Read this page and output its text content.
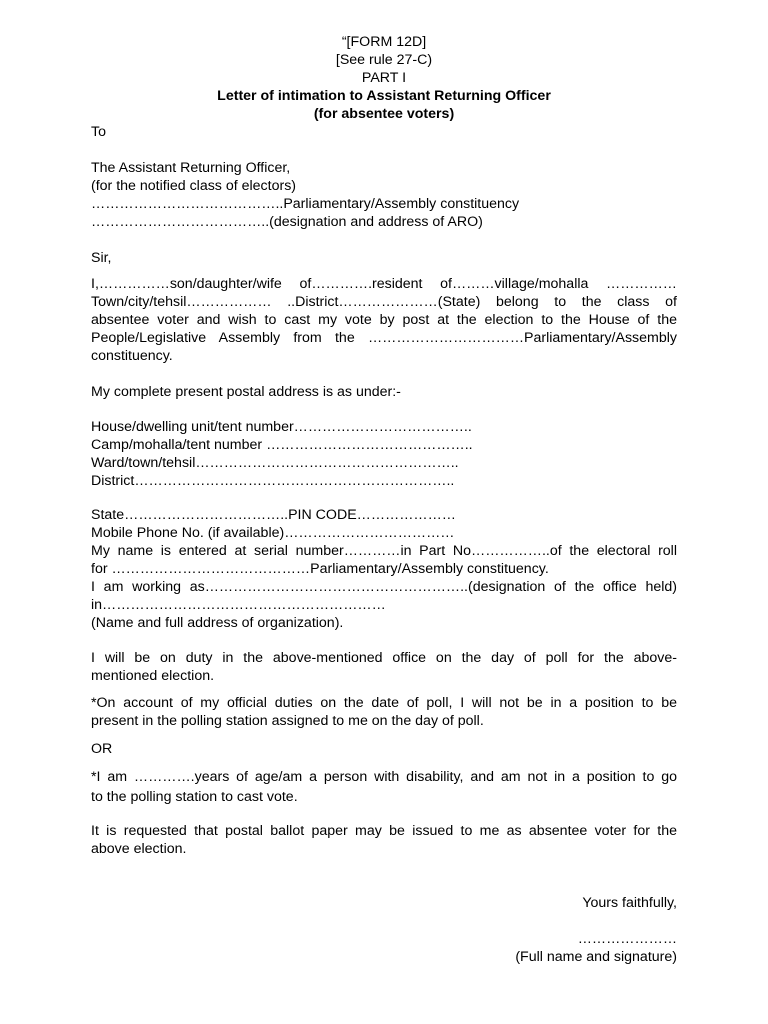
“[FORM 12D]
[See rule 27-C)
PART I
Letter of intimation to Assistant Returning Officer
(for absentee voters)
To
The Assistant Returning Officer,
(for the notified class of electors)
…………………………………..Parliamentary/Assembly constituency
………………………………..(designation and address of ARO)
Sir,
I,……………son/daughter/wife of………….resident of………village/mohalla ……………
Town/city/tehsil……………… ..District…………………(State) belong to the class of
absentee voter and wish to cast my vote by post at the election to the House of the
People/Legislative Assembly from the ……………………………Parliamentary/Assembly
constituency.
My complete present postal address is as under:-
House/dwelling unit/tent number………………………………..
Camp/mohalla/tent number ……………………………………..
Ward/town/tehsil………………………………………………..
District…………………………………………………………..
State……………………………..PIN CODE…………………
Mobile Phone No. (if available)………………………………
My name is entered at serial number…………in Part No……………..of the electoral roll
for ……………………………………Parliamentary/Assembly constituency.
I am working as………………………………………………..(designation of the office held)
in……………………………………………………
(Name and full address of organization).
I will be on duty in the above-mentioned office on the day of poll for the above-
mentioned election.
*On account of my official duties on the date of poll, I will not be in a position to be
present in the polling station assigned to me on the day of poll.
OR
*I am ………….years of age/am a person with disability, and am not in a position to go
to the polling station to cast vote.
It is requested that postal ballot paper may be issued to me as absentee voter for the
above election.
Yours faithfully,
…………………
(Full name and signature)
